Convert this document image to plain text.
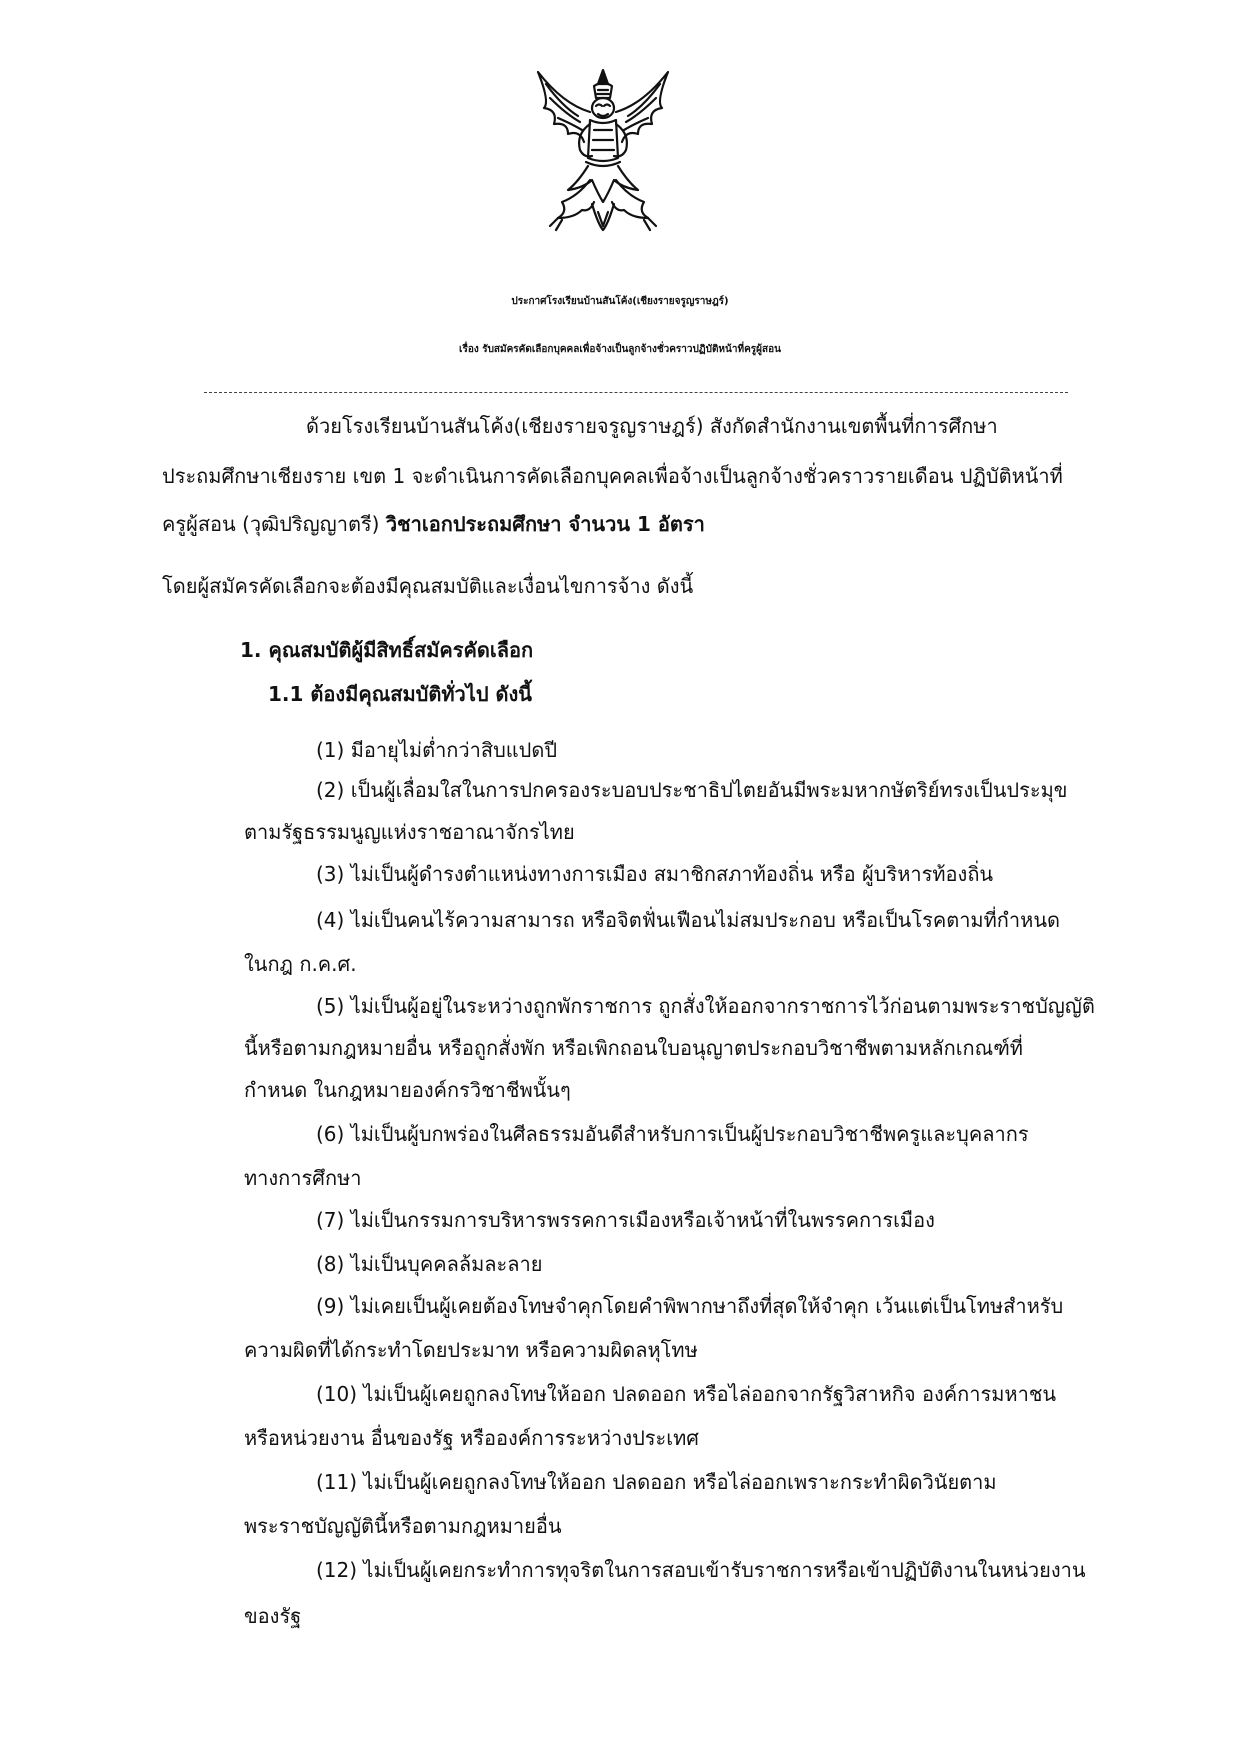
ประกาศโรงเรียนบ้านสันโค้ง(เชียงรายจรูญราษฎร์)
เรื่อง รับสมัครคัดเลือกบุคคลเพื่อจ้างเป็นลูกจ้างชั่วคราวปฏิบัติหน้าที่ครูผู้สอน
ด้วยโรงเรียนบ้านสันโค้ง(เชียงรายจรูญราษฎร์) สังกัดสำนักงานเขตพื้นที่การศึกษา
ประถมศึกษาเชียงราย เขต 1 จะดำเนินการคัดเลือกบุคคลเพื่อจ้างเป็นลูกจ้างชั่วคราวรายเดือน ปฏิบัติหน้าที่
ครูผู้สอน (วุฒิปริญญาตรี) วิชาเอกประถมศึกษา จำนวน 1 อัตรา
โดยผู้สมัครคัดเลือกจะต้องมีคุณสมบัติและเงื่อนไขการจ้าง ดังนี้
1. คุณสมบัติผู้มีสิทธิ์สมัครคัดเลือก
1.1 ต้องมีคุณสมบัติทั่วไป ดังนี้
(1) มีอายุไม่ต่ำกว่าสิบแปดปี
(2) เป็นผู้เลื่อมใสในการปกครองระบอบประชาธิปไตยอันมีพระมหากษัตริย์ทรงเป็นประมุข
ตามรัฐธรรมนูญแห่งราชอาณาจักรไทย
(3) ไม่เป็นผู้ดำรงตำแหน่งทางการเมือง สมาชิกสภาท้องถิ่น หรือ ผู้บริหารท้องถิ่น
(4) ไม่เป็นคนไร้ความสามารถ หรือจิตฟั่นเฟือนไม่สมประกอบ หรือเป็นโรคตามที่กำหนด
ในกฎ ก.ค.ศ.
(5) ไม่เป็นผู้อยู่ในระหว่างถูกพักราชการ ถูกสั่งให้ออกจากราชการไว้ก่อนตามพระราชบัญญัติ
นี้หรือตามกฎหมายอื่น หรือถูกสั่งพัก หรือเพิกถอนใบอนุญาตประกอบวิชาชีพตามหลักเกณฑ์ที่
กำหนด ในกฎหมายองค์กรวิชาชีพนั้นๆ
(6) ไม่เป็นผู้บกพร่องในศีลธรรมอันดีสำหรับการเป็นผู้ประกอบวิชาชีพครูและบุคลากร
ทางการศึกษา
(7) ไม่เป็นกรรมการบริหารพรรคการเมืองหรือเจ้าหน้าที่ในพรรคการเมือง
(8) ไม่เป็นบุคคลล้มละลาย
(9) ไม่เคยเป็นผู้เคยต้องโทษจำคุกโดยคำพิพากษาถึงที่สุดให้จำคุก เว้นแต่เป็นโทษสำหรับ
ความผิดที่ได้กระทำโดยประมาท หรือความผิดลหุโทษ
(10) ไม่เป็นผู้เคยถูกลงโทษให้ออก ปลดออก หรือไล่ออกจากรัฐวิสาหกิจ องค์การมหาชน
หรือหน่วยงาน อื่นของรัฐ หรือองค์การระหว่างประเทศ
(11) ไม่เป็นผู้เคยถูกลงโทษให้ออก ปลดออก หรือไล่ออกเพราะกระทำผิดวินัยตาม
พระราชบัญญัตินี้หรือตามกฎหมายอื่น
(12) ไม่เป็นผู้เคยกระทำการทุจริตในการสอบเข้ารับราชการหรือเข้าปฏิบัติงานในหน่วยงาน
ของรัฐ
